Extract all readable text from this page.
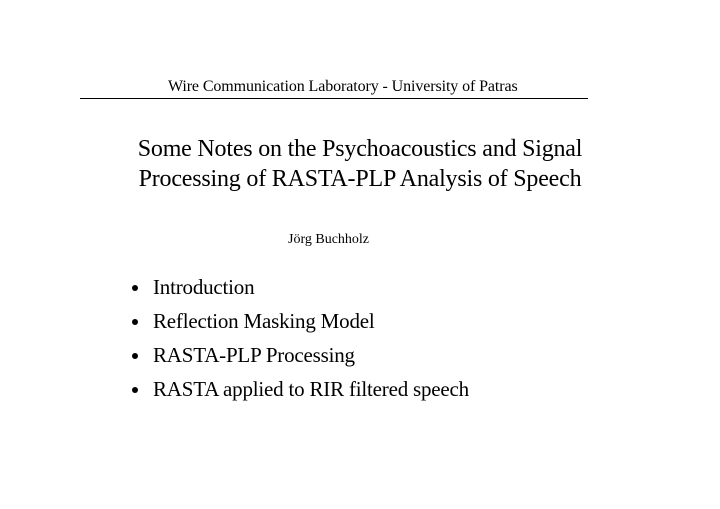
Wire Communication Laboratory - University of Patras
Some Notes on the Psychoacoustics and Signal
Processing of RASTA-PLP Analysis of Speech
Jörg Buchholz
Introduction
Reflection Masking Model
RASTA-PLP Processing
RASTA applied to RIR filtered speech
